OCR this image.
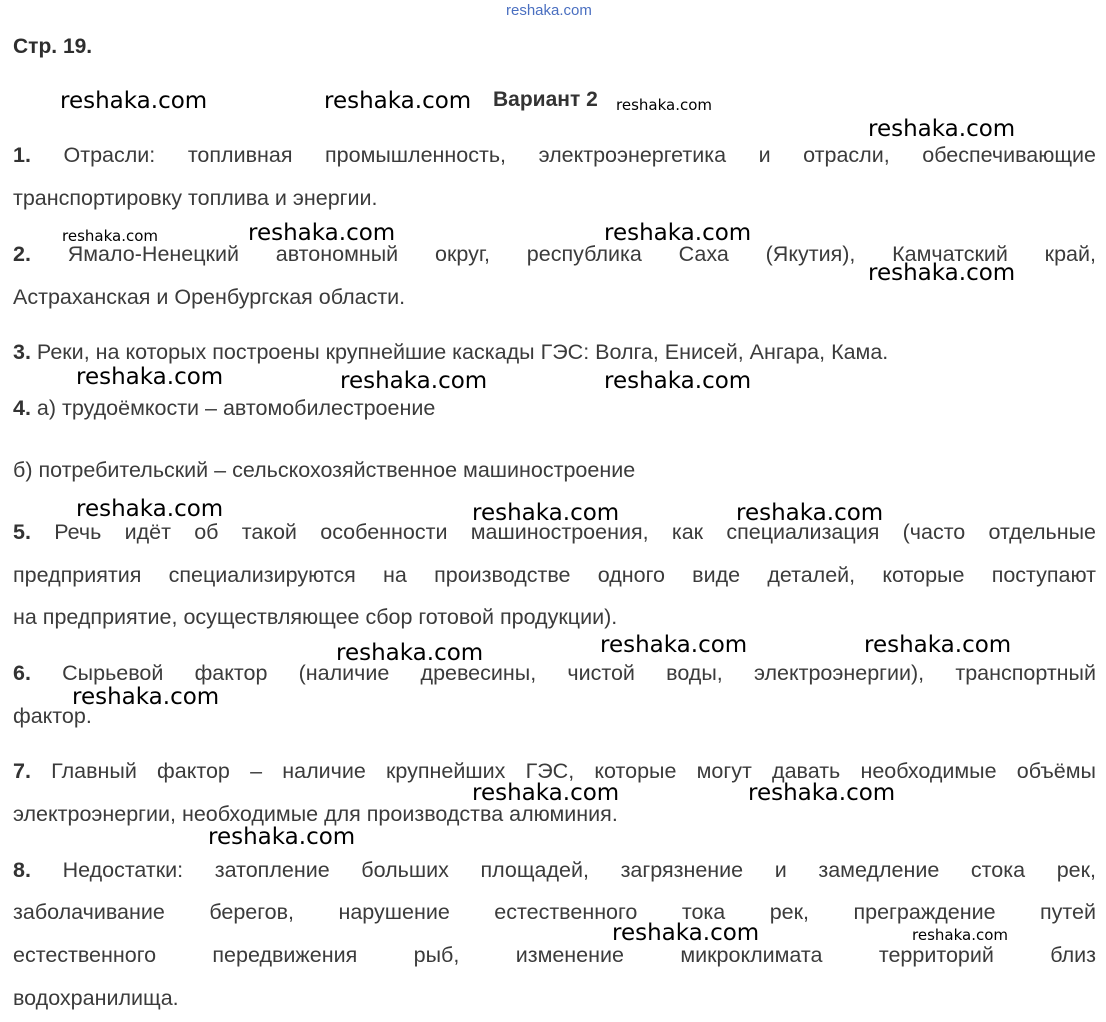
reshaka.com
Стр. 19.
Вариант 2
1. Отрасли: топливная промышленность, электроэнергетика и отрасли, обеспечивающие
транспортировку топлива и энергии.
2. Ямало-Ненецкий автономный округ, республика Саха (Якутия), Камчатский край,
Астраханская и Оренбургская области.
3. Реки, на которых построены крупнейшие каскады ГЭС: Волга, Енисей, Ангара, Кама.
4. а) трудоёмкости – автомобилестроение
б) потребительский – сельскохозяйственное машиностроение
5. Речь идёт об такой особенности машиностроения, как специализация (часто отдельные
предприятия специализируются на производстве одного виде деталей, которые поступают
на предприятие, осуществляющее сбор готовой продукции).
6. Сырьевой фактор (наличие древесины, чистой воды, электроэнергии), транспортный
фактор.
7. Главный фактор – наличие крупнейших ГЭС, которые могут давать необходимые объёмы
электроэнергии, необходимые для производства алюминия.
8. Недостатки: затопление больших площадей, загрязнение и замедление стока рек,
заболачивание берегов, нарушение естественного тока рек, преграждение путей
естественного передвижения рыб, изменение микроклимата территорий близ
водохранилища.
reshaka.com	reshaka.com	reshaka.com
reshaka.com
reshaka.com	reshaka.com	reshaka.com
reshaka.com
reshaka.com	reshaka.com	reshaka.com
reshaka.com	reshaka.com	reshaka.com
reshaka.com	reshaka.com
reshaka.com
reshaka.com
reshaka.com	reshaka.com
reshaka.com
reshaka.com	reshaka.com
